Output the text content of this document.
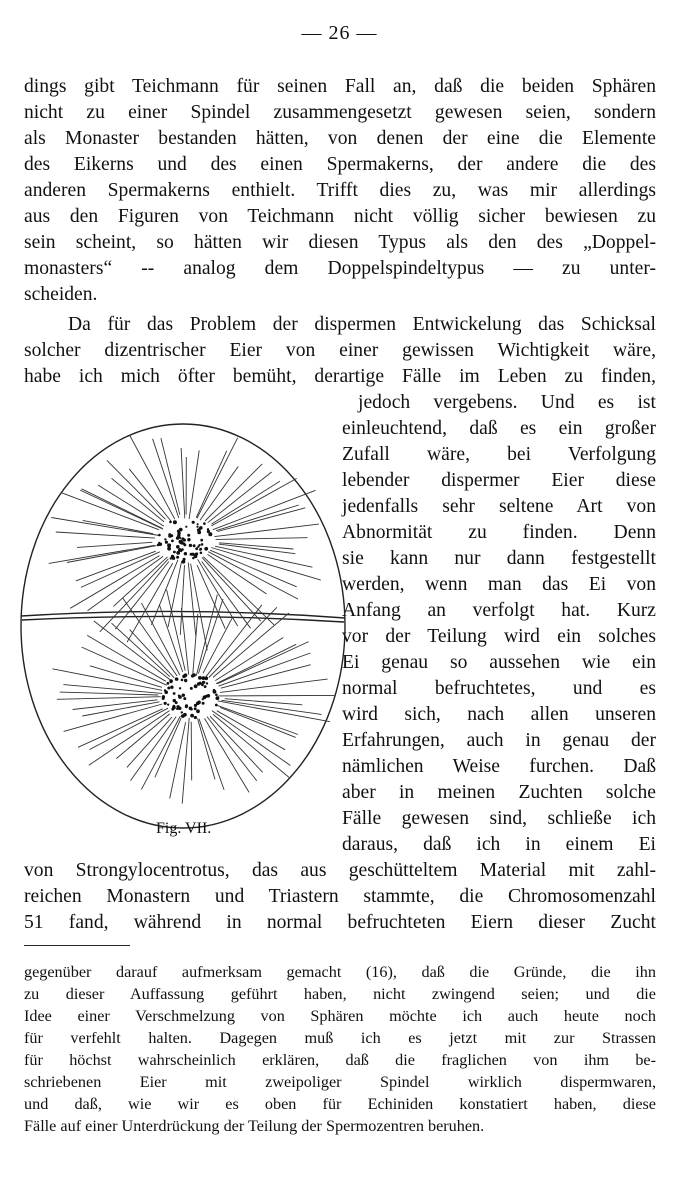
— 26 —
dings gibt Teichmann für seinen Fall an, daß die beiden Sphären
nicht zu einer Spindel zusammengesetzt gewesen seien, sondern
als Monaster bestanden hätten, von denen der eine die Elemente
des Eikerns und des einen Spermakerns, der andere die des
anderen Spermakerns enthielt. Trifft dies zu, was mir allerdings
aus den Figuren von Teichmann nicht völlig sicher bewiesen zu
sein scheint, so hätten wir diesen Typus als den des „Doppel-
monasters“ -- analog dem Doppelspindeltypus — zu unter-
scheiden.
Da für das Problem der dispermen Entwickelung das Schicksal
solcher dizentrischer Eier von einer gewissen Wichtigkeit wäre,
habe ich mich öfter bemüht, derartige Fälle im Leben zu finden,
jedoch vergebens. Und es ist
einleuchtend, daß es ein großer
Zufall wäre, bei Verfolgung
lebender dispermer Eier diese
jedenfalls sehr seltene Art von
Abnormität zu finden. Denn
sie kann nur dann festgestellt
werden, wenn man das Ei von
Anfang an verfolgt hat. Kurz
vor der Teilung wird ein solches
Ei genau so aussehen wie ein
normal befruchtetes, und es
wird sich, nach allen unseren
Erfahrungen, auch in genau der
nämlichen Weise furchen. Daß
aber in meinen Zuchten solche
Fälle gewesen sind, schließe ich
daraus, daß ich in einem Ei
Fig. VII.
von Strongylocentrotus, das aus geschütteltem Material mit zahl-
reichen Monastern und Triastern stammte, die Chromosomenzahl
51 fand, während in normal befruchteten Eiern dieser Zucht
gegenüber darauf aufmerksam gemacht (16), daß die Gründe, die ihn
zu dieser Auffassung geführt haben, nicht zwingend seien; und die
Idee einer Verschmelzung von Sphären möchte ich auch heute noch
für verfehlt halten. Dagegen muß ich es jetzt mit zur Strassen
für höchst wahrscheinlich erklären, daß die fraglichen von ihm be-
schriebenen Eier mit zweipoliger Spindel wirklich dispermwaren,
und daß, wie wir es oben für Echiniden konstatiert haben, diese
Fälle auf einer Unterdrückung der Teilung der Spermozentren beruhen.
